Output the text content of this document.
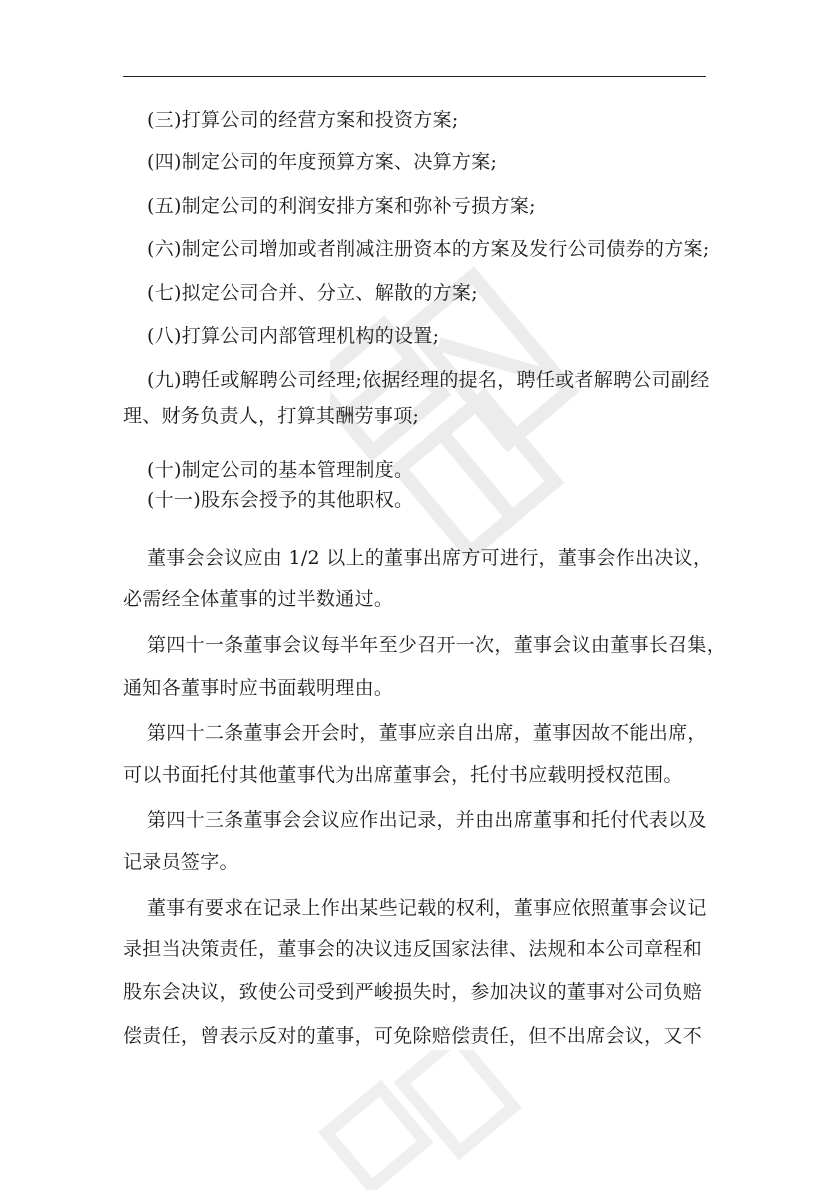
(三)打算公司的经营方案和投资方案;
(四)制定公司的年度预算方案、决算方案;
(五)制定公司的利润安排方案和弥补亏损方案;
(六)制定公司增加或者削减注册资本的方案及发行公司债券的方案;
(七)拟定公司合并、分立、解散的方案;
(八)打算公司内部管理机构的设置;
(九)聘任或解聘公司经理;依据经理的提名，聘任或者解聘公司副经
理、财务负责人，打算其酬劳事项;
(十)制定公司的基本管理制度。
(十一)股东会授予的其他职权。
董事会会议应由 1/2 以上的董事出席方可进行，董事会作出决议，
必需经全体董事的过半数通过。
第四十一条董事会议每半年至少召开一次，董事会议由董事长召集，
通知各董事时应书面载明理由。
第四十二条董事会开会时，董事应亲自出席，董事因故不能出席，
可以书面托付其他董事代为出席董事会，托付书应载明授权范围。
第四十三条董事会会议应作出记录，并由出席董事和托付代表以及
记录员签字。
董事有要求在记录上作出某些记载的权利，董事应依照董事会议记
录担当决策责任，董事会的决议违反国家法律、法规和本公司章程和
股东会决议，致使公司受到严峻损失时，参加决议的董事对公司负赔
偿责任，曾表示反对的董事，可免除赔偿责任，但不出席会议，又不
